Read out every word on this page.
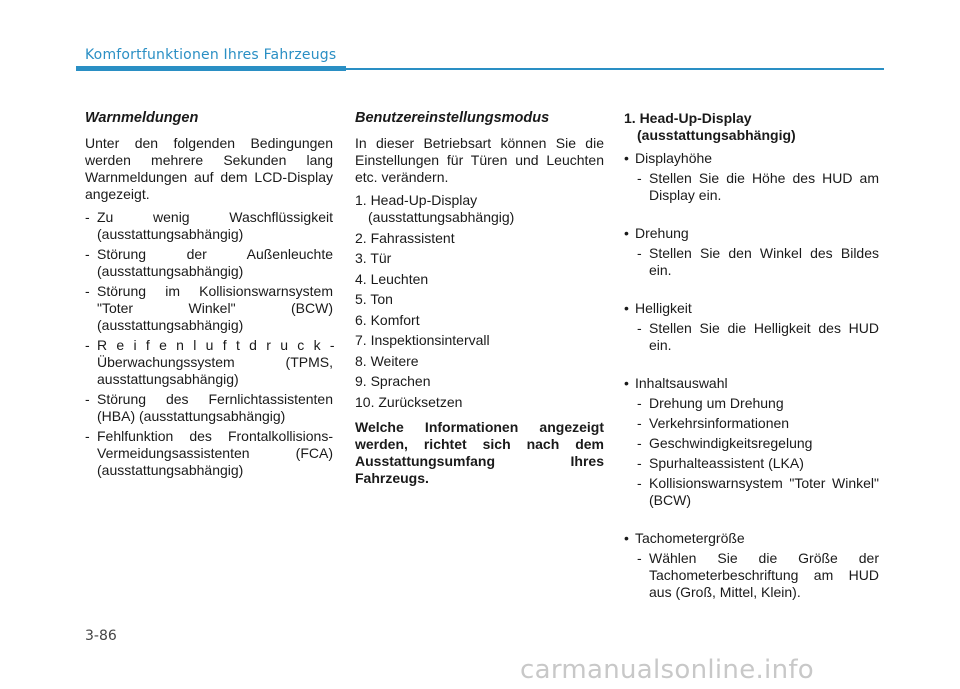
Komfortfunktionen Ihres Fahrzeugs
Warnmeldungen
Unter den folgenden Bedingungen werden mehrere Sekunden lang Warnmeldungen auf dem LCD-Display angezeigt.
- Zu wenig Waschflüssigkeit (ausstattungsabhängig)
- Störung der Außenleuchte (ausstattungsabhängig)
- Störung im Kollisionswarnsystem "Toter Winkel" (BCW) (ausstattungsabhängig)
- Reifenluftdruck-
Überwachungssystem (TPMS, ausstattungsabhängig)
- Störung des Fernlichtassistenten (HBA) (ausstattungsabhängig)
- Fehlfunktion des Frontalkollisions-Vermeidungsassistenten (FCA) (ausstattungsabhängig)
Benutzereinstellungsmodus
In dieser Betriebsart können Sie die Einstellungen für Türen und Leuchten etc. verändern.
1. Head-Up-Display (ausstattungsabhängig)
2. Fahrassistent
3. Tür
4. Leuchten
5. Ton
6. Komfort
7. Inspektionsintervall
8. Weitere
9. Sprachen
10. Zurücksetzen
Welche Informationen angezeigt werden, richtet sich nach dem Ausstattungsumfang Ihres Fahrzeugs.
1. Head-Up-Display (ausstattungsabhängig)
• Displayhöhe
- Stellen Sie die Höhe des HUD am Display ein.
• Drehung
- Stellen Sie den Winkel des Bildes ein.
• Helligkeit
- Stellen Sie die Helligkeit des HUD ein.
• Inhaltsauswahl
- Drehung um Drehung
- Verkehrsinformationen
- Geschwindigkeitsregelung
- Spurhalteassistent (LKA)
- Kollisionswarnsystem "Toter Winkel" (BCW)
• Tachometergröße
- Wählen Sie die Größe der Tachometerbeschriftung am HUD aus (Groß, Mittel, Klein).
3-86
carmanualsonline.info
